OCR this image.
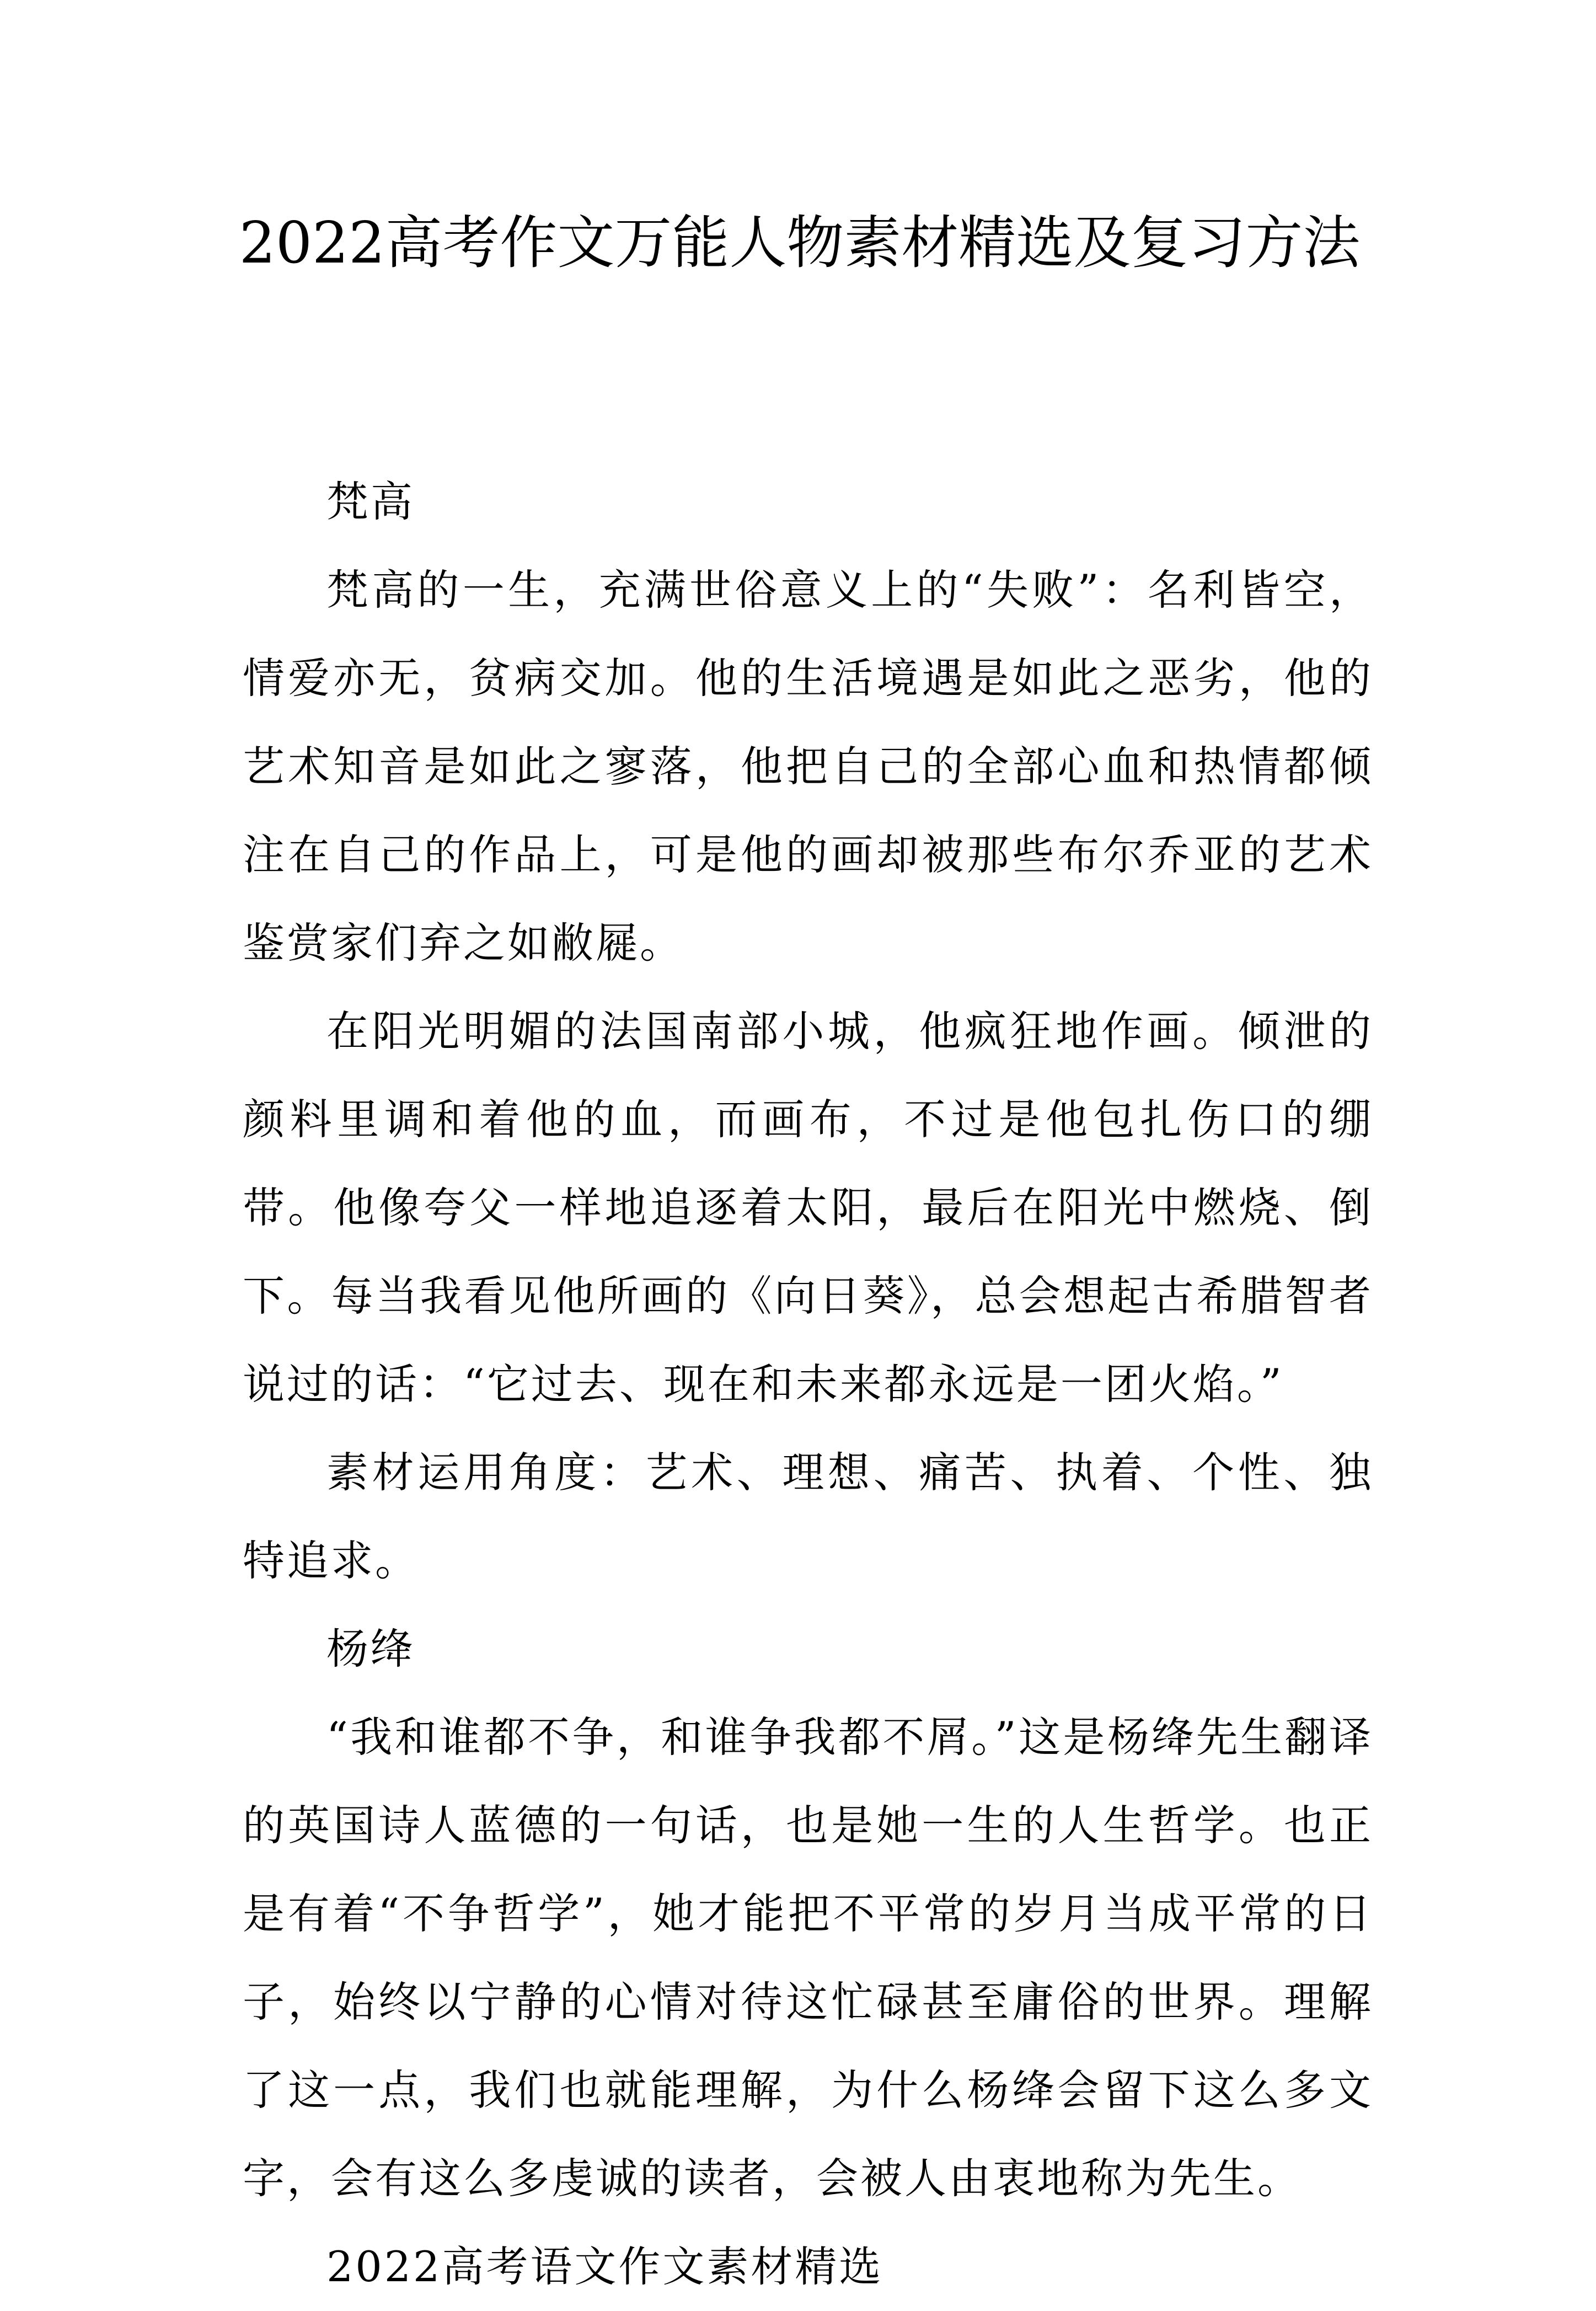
2022高考作文万能人物素材精选及复习方法

梵高

梵高的一生，充满世俗意义上的“失败”：名利皆空，情爱亦无，贫病交加。他的生活境遇是如此之恶劣，他的艺术知音是如此之寥落，他把自己的全部心血和热情都倾注在自己的作品上，可是他的画却被那些布尔乔亚的艺术鉴赏家们弃之如敝屣。

在阳光明媚的法国南部小城，他疯狂地作画。倾泄的颜料里调和着他的血，而画布，不过是他包扎伤口的绷带。他像夸父一样地追逐着太阳，最后在阳光中燃烧、倒下。每当我看见他所画的《向日葵》，总会想起古希腊智者说过的话：“它过去、现在和未来都永远是一团火焰。”

素材运用角度：艺术、理想、痛苦、执着、个性、独特追求。

杨绛

“我和谁都不争，和谁争我都不屑。”这是杨绛先生翻译的英国诗人蓝德的一句话，也是她一生的人生哲学。也正是有着“不争哲学”，她才能把不平常的岁月当成平常的日子，始终以宁静的心情对待这忙碌甚至庸俗的世界。理解了这一点，我们也就能理解，为什么杨绛会留下这么多文字，会有这么多虔诚的读者，会被人由衷地称为先生。

2022高考语文作文素材精选
